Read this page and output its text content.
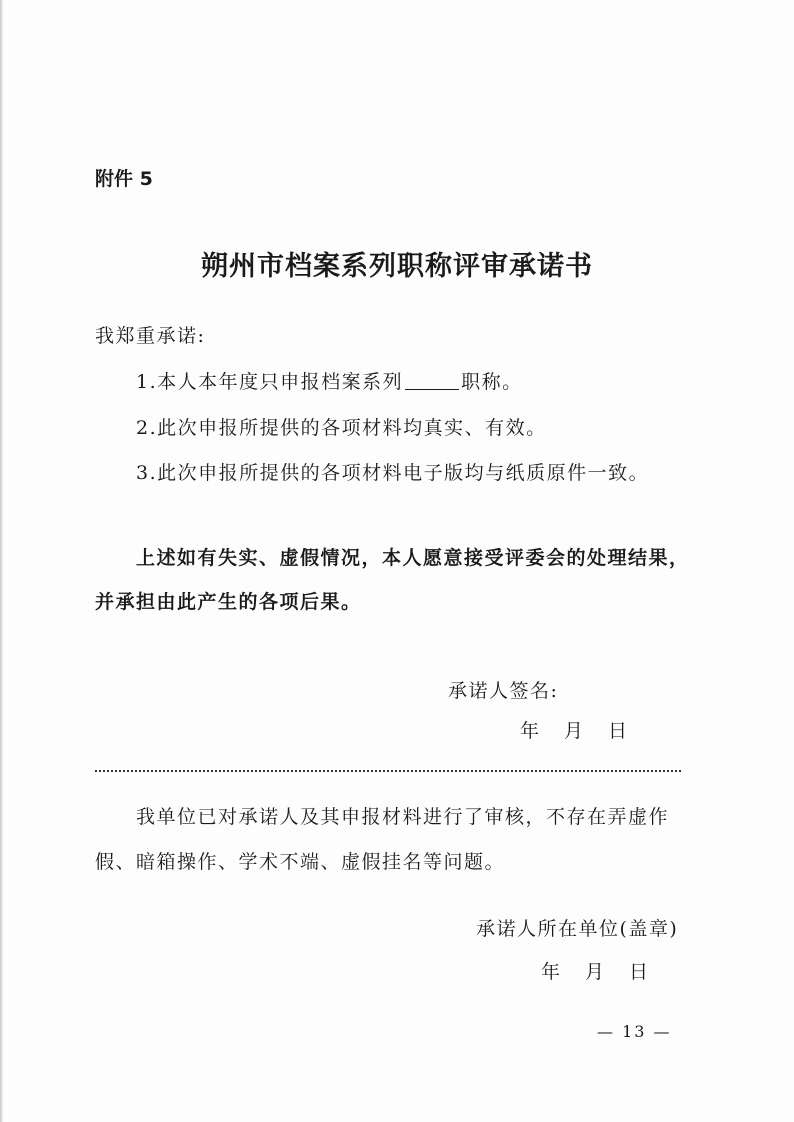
附件 5
朔州市档案系列职称评审承诺书
我郑重承诺:
1.本人本年度只申报档案系列	职称。
2.此次申报所提供的各项材料均真实、有效。
3.此次申报所提供的各项材料电子版均与纸质原件一致。
上述如有失实、虚假情况，本人愿意接受评委会的处理结果，
并承担由此产生的各项后果。
承诺人签名:
年　月　日
我单位已对承诺人及其申报材料进行了审核，不存在弄虚作
假、暗箱操作、学术不端、虚假挂名等问题。
承诺人所在单位(盖章)
年　月　日
— 13 —
